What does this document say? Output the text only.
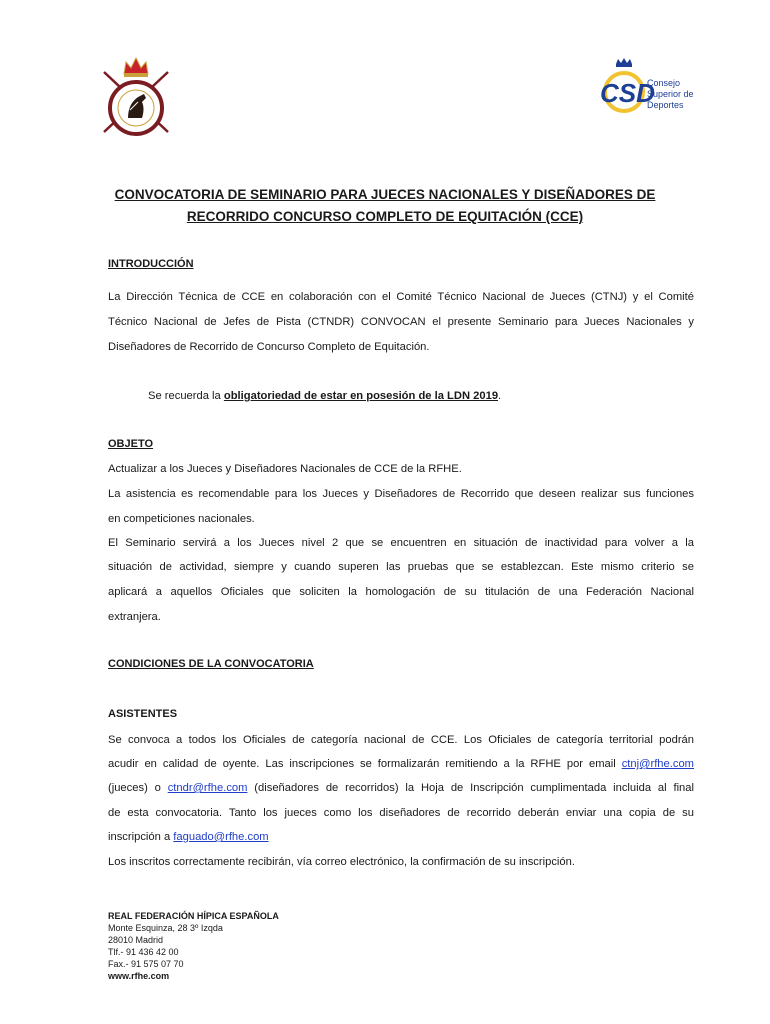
CSD
Consejo
Superior de
Deportes
CONVOCATORIA DE SEMINARIO PARA JUECES NACIONALES Y DISEÑADORES DE
RECORRIDO CONCURSO COMPLETO DE EQUITACIÓN (CCE)
INTRODUCCIÓN
La Dirección Técnica de CCE en colaboración con el Comité Técnico Nacional de Jueces (CTNJ) y el Comité
Técnico Nacional de Jefes de Pista (CTNDR) CONVOCAN el presente Seminario para Jueces Nacionales y
Diseñadores de Recorrido de Concurso Completo de Equitación.
Se recuerda la obligatoriedad de estar en posesión de la LDN 2019.
OBJETO
Actualizar a los Jueces y Diseñadores Nacionales de CCE de la RFHE.
La asistencia es recomendable para los Jueces y Diseñadores de Recorrido que deseen realizar sus funciones
en competiciones nacionales.
El Seminario servirá a los Jueces nivel 2 que se encuentren en situación de inactividad para volver a la
situación de actividad, siempre y cuando superen las pruebas que se establezcan. Este mismo criterio se
aplicará a aquellos Oficiales que soliciten la homologación de su titulación de una Federación Nacional
extranjera.
CONDICIONES DE LA CONVOCATORIA
ASISTENTES
Se convoca a todos los Oficiales de categoría nacional de CCE. Los Oficiales de categoría territorial podrán
acudir en calidad de oyente. Las inscripciones se formalizarán remitiendo a la RFHE por email ctnj@rfhe.com
(jueces) o ctndr@rfhe.com (diseñadores de recorridos) la Hoja de Inscripción cumplimentada incluida al final
de esta convocatoria. Tanto los jueces como los diseñadores de recorrido deberán enviar una copia de su
inscripción a faguado@rfhe.com
Los inscritos correctamente recibirán, vía correo electrónico, la confirmación de su inscripción.
REAL FEDERACIÓN HÍPICA ESPAÑOLA
Monte Esquinza, 28 3º Izqda
28010 Madrid
Tlf.- 91 436 42 00
Fax.- 91 575 07 70
www.rfhe.com
